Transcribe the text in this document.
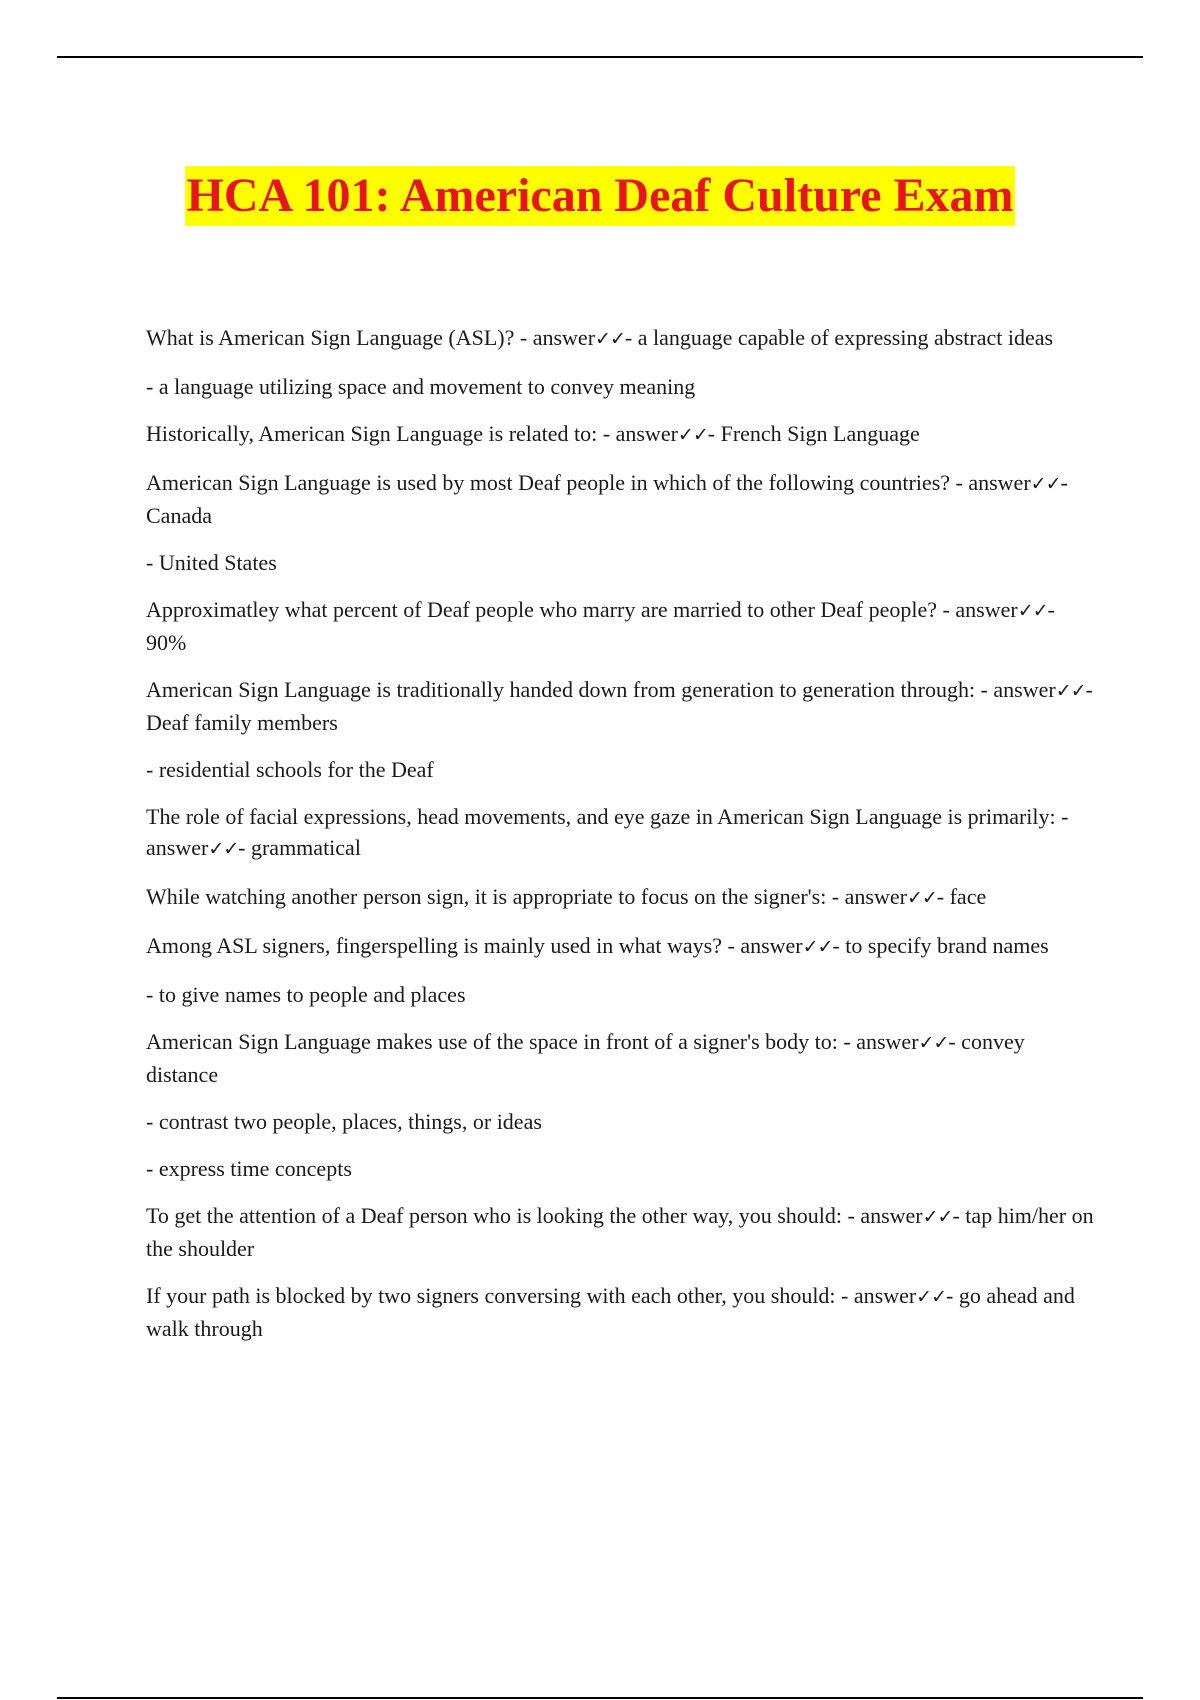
HCA 101: American Deaf Culture Exam

What is American Sign Language (ASL)? - answer✓✓- a language capable of expressing abstract ideas

- a language utilizing space and movement to convey meaning

Historically, American Sign Language is related to: - answer✓✓- French Sign Language

American Sign Language is used by most Deaf people in which of the following countries? - answer✓✓- Canada

- United States

Approximatley what percent of Deaf people who marry are married to other Deaf people? - answer✓✓- 90%

American Sign Language is traditionally handed down from generation to generation through: - answer✓✓- Deaf family members

- residential schools for the Deaf

The role of facial expressions, head movements, and eye gaze in American Sign Language is primarily: - answer✓✓- grammatical

While watching another person sign, it is appropriate to focus on the signer's: - answer✓✓- face

Among ASL signers, fingerspelling is mainly used in what ways? - answer✓✓- to specify brand names

- to give names to people and places

American Sign Language makes use of the space in front of a signer's body to: - answer✓✓- convey distance

- contrast two people, places, things, or ideas

- express time concepts

To get the attention of a Deaf person who is looking the other way, you should: - answer✓✓- tap him/her on the shoulder

If your path is blocked by two signers conversing with each other, you should: - answer✓✓- go ahead and walk through
